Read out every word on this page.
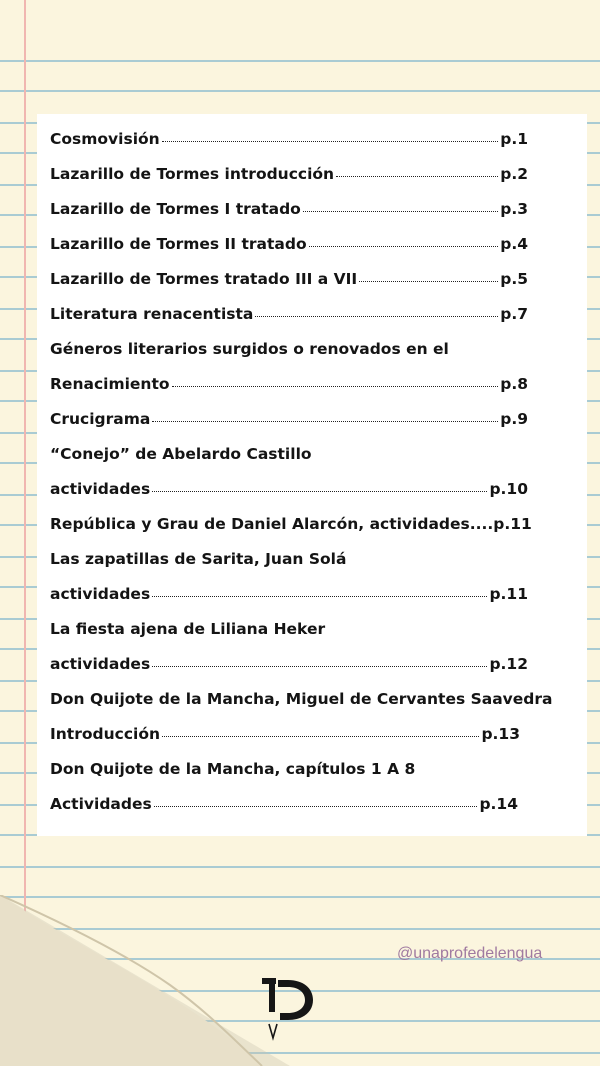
Cosmovisión	p.1
Lazarillo de Tormes introducción	p.2
Lazarillo de Tormes I tratado	p.3
Lazarillo de Tormes II tratado	p.4
Lazarillo de Tormes tratado III a VII	p.5
Literatura renacentista	p.7
Géneros literarios surgidos o renovados en el
Renacimiento	p.8
Crucigrama	p.9
“Conejo” de Abelardo Castillo
actividades	p.10
República y Grau de Daniel Alarcón, actividades....p.11
Las zapatillas de Sarita, Juan Solá
actividades	p.11
La fiesta ajena de Liliana Heker
actividades	p.12
Don Quijote de la Mancha, Miguel de Cervantes Saavedra
Introducción	p.13
Don Quijote de la Mancha, capítulos 1 A 8
Actividades	p.14
@unaprofedelengua
